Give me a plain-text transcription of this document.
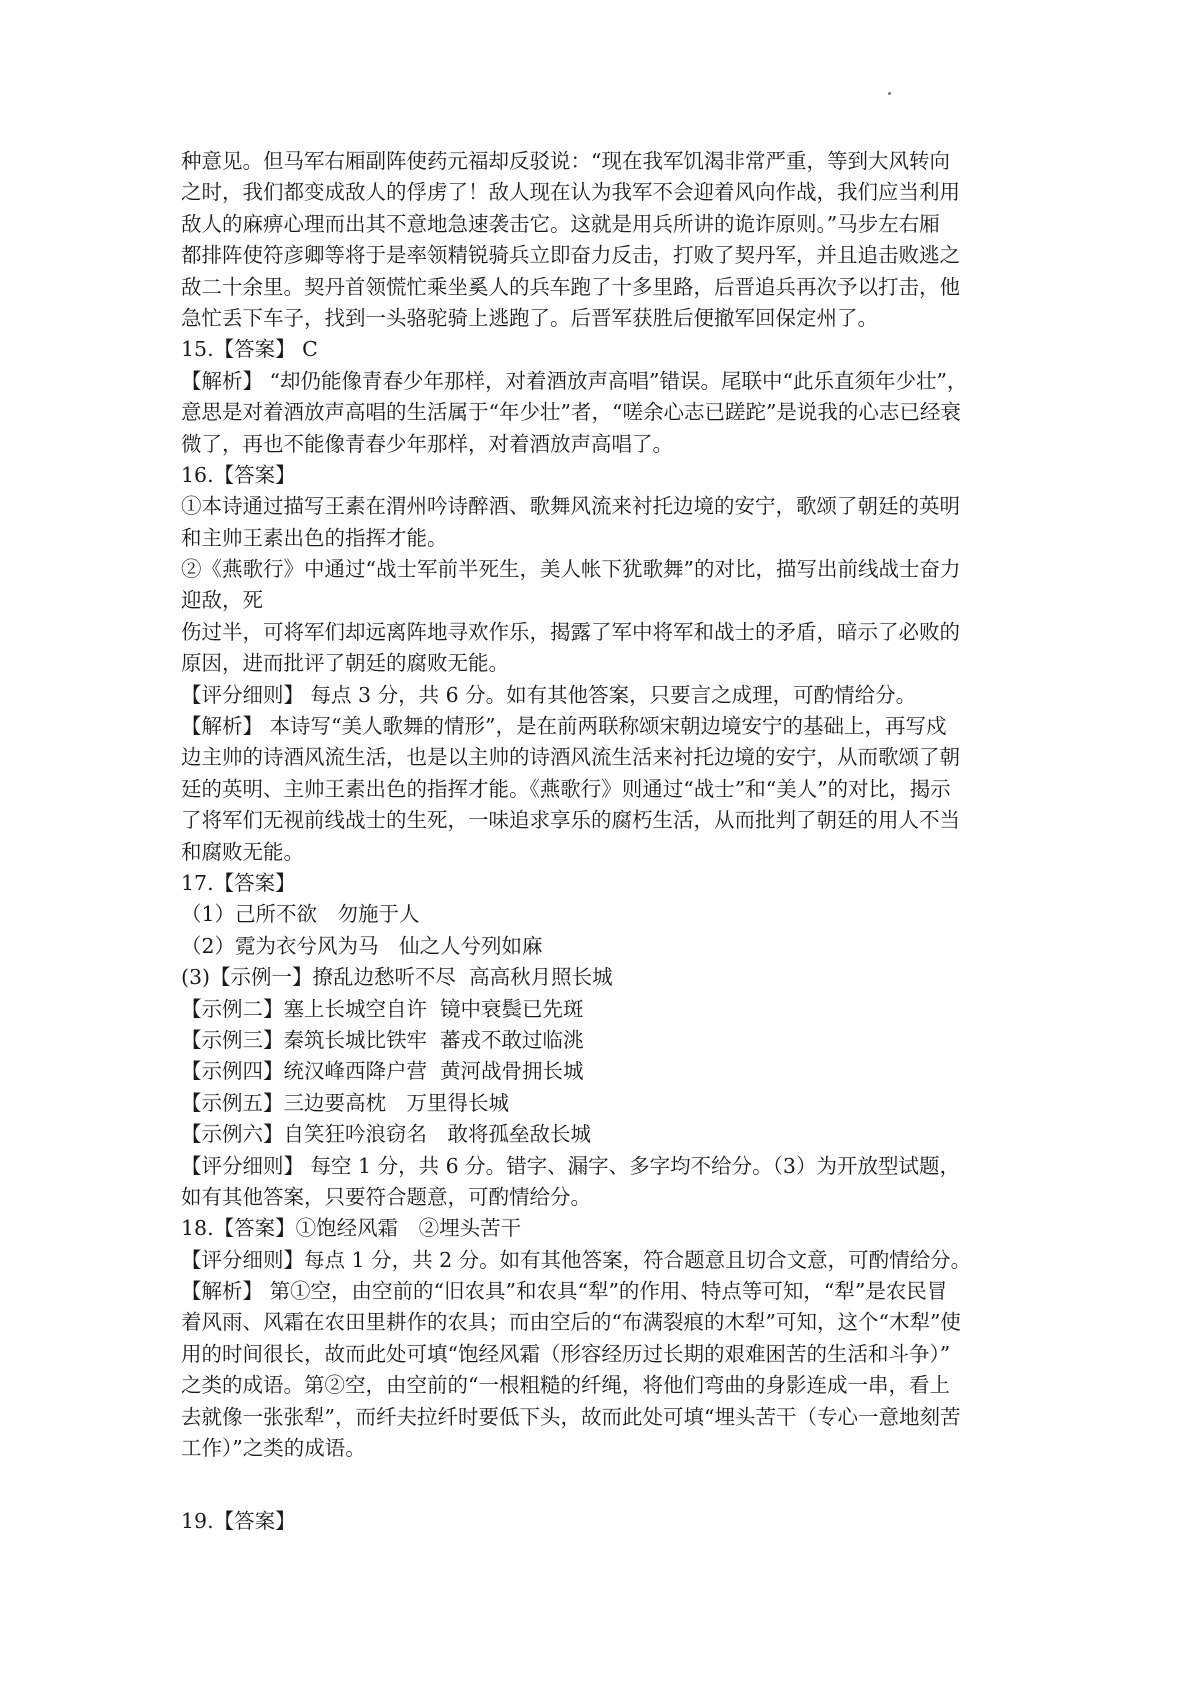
种意见。但马军右厢副阵使药元福却反驳说：“现在我军饥渴非常严重，等到大风转向
之时，我们都变成敌人的俘虏了！敌人现在认为我军不会迎着风向作战，我们应当利用
敌人的麻痹心理而出其不意地急速袭击它。这就是用兵所讲的诡诈原则。”马步左右厢
都排阵使符彦卿等将于是率领精锐骑兵立即奋力反击，打败了契丹军，并且追击败逃之
敌二十余里。契丹首领慌忙乘坐奚人的兵车跑了十多里路，后晋追兵再次予以打击，他
急忙丢下车子，找到一头骆驼骑上逃跑了。后晋军获胜后便撤军回保定州了。
15.【答案】 C
【解析】 “却仍能像青春少年那样，对着酒放声高唱”错误。尾联中“此乐直须年少壮”，
意思是对着酒放声高唱的生活属于“年少壮”者，“嗟余心志已蹉跎”是说我的心志已经衰
微了，再也不能像青春少年那样，对着酒放声高唱了。
16.【答案】
①本诗通过描写王素在渭州吟诗醉酒、歌舞风流来衬托边境的安宁，歌颂了朝廷的英明
和主帅王素出色的指挥才能。
②《燕歌行》中通过“战士军前半死生，美人帐下犹歌舞”的对比，描写出前线战士奋力
迎敌，死
伤过半，可将军们却远离阵地寻欢作乐，揭露了军中将军和战士的矛盾，暗示了必败的
原因，进而批评了朝廷的腐败无能。
【评分细则】 每点 3 分，共 6 分。如有其他答案，只要言之成理，可酌情给分。
【解析】 本诗写“美人歌舞的情形”，是在前两联称颂宋朝边境安宁的基础上，再写戍
边主帅的诗酒风流生活，也是以主帅的诗酒风流生活来衬托边境的安宁，从而歌颂了朝
廷的英明、主帅王素出色的指挥才能。《燕歌行》则通过“战士”和“美人”的对比，揭示
了将军们无视前线战士的生死，一味追求享乐的腐朽生活，从而批判了朝廷的用人不当
和腐败无能。
17.【答案】
（1）己所不欲　勿施于人
（2）霓为衣兮风为马　仙之人兮列如麻
(3)【示例一】撩乱边愁听不尽  高高秋月照长城
【示例二】塞上长城空自许  镜中衰鬓已先斑
【示例三】秦筑长城比铁牢  蕃戎不敢过临洮
【示例四】统汉峰西降户营  黄河战骨拥长城
【示例五】三边要高枕　万里得长城
【示例六】自笑狂吟浪窃名　敢将孤垒敌长城
【评分细则】 每空 1 分，共 6 分。错字、漏字、多字均不给分。（3）为开放型试题，
如有其他答案，只要符合题意，可酌情给分。
18.【答案】①饱经风霜　②埋头苦干
【评分细则】每点 1 分，共 2 分。如有其他答案，符合题意且切合文意，可酌情给分。
【解析】 第①空，由空前的“旧农具”和农具“犁”的作用、特点等可知，“犁”是农民冒
着风雨、风霜在农田里耕作的农具；而由空后的“布满裂痕的木犁”可知，这个“木犁”使
用的时间很长，故而此处可填“饱经风霜（形容经历过长期的艰难困苦的生活和斗争）”
之类的成语。第②空，由空前的“一根粗糙的纤绳，将他们弯曲的身影连成一串，看上
去就像一张张犁”，而纤夫拉纤时要低下头，故而此处可填“埋头苦干（专心一意地刻苦
工作）”之类的成语。
19.【答案】
